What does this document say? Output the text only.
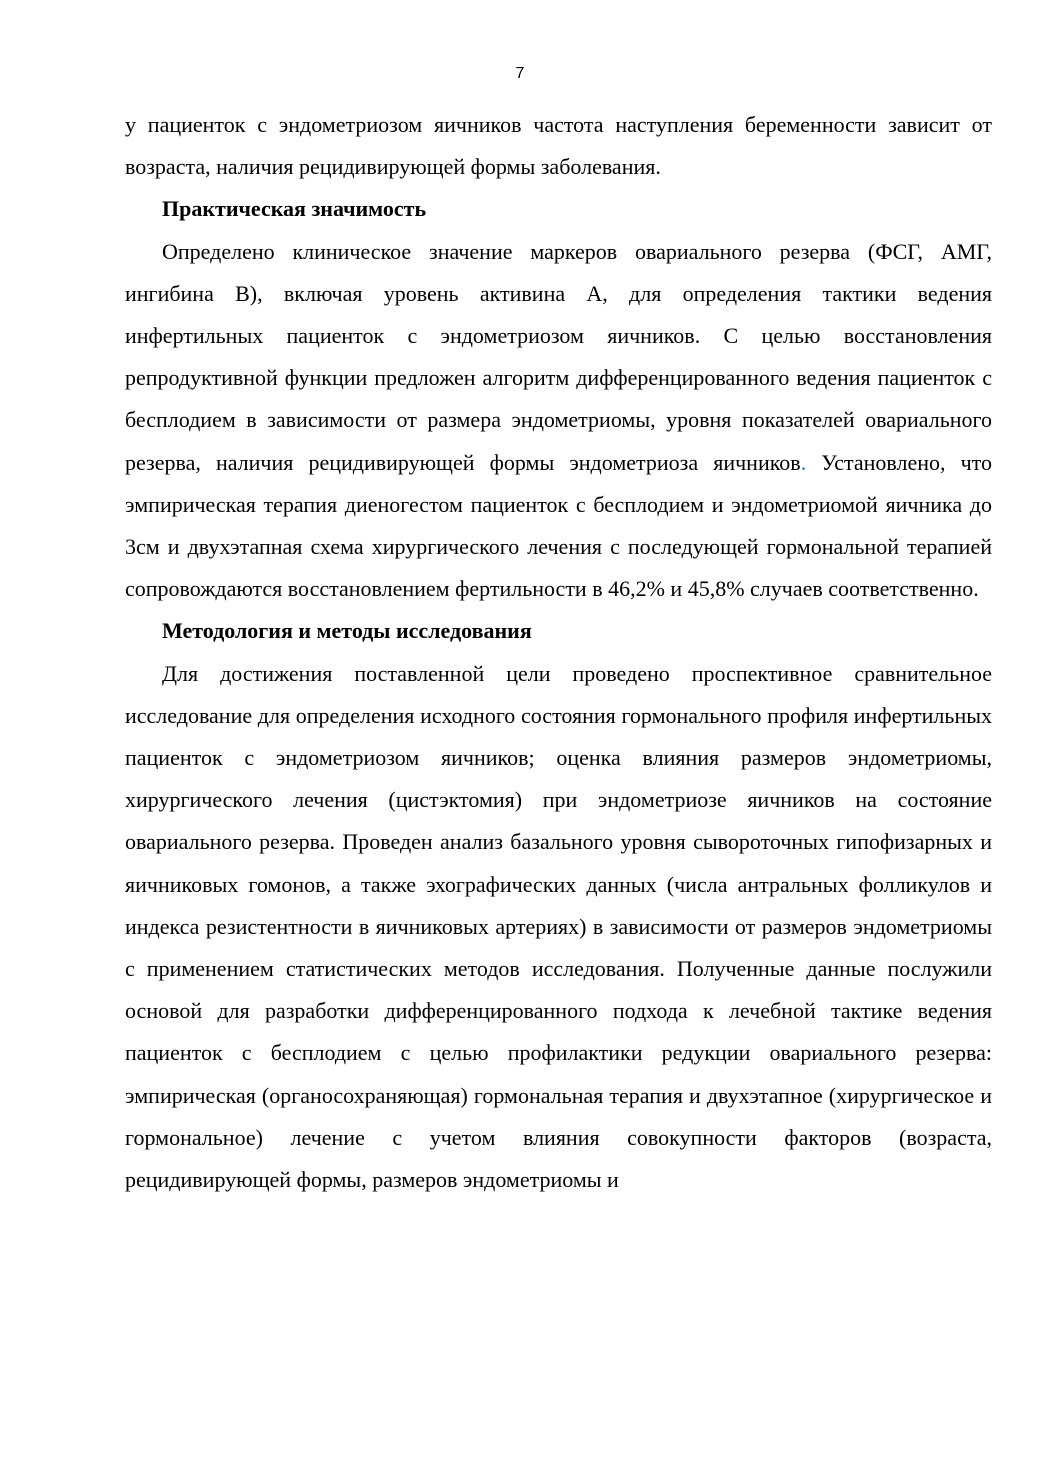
7

у пациенток с эндометриозом яичников частота наступления беременности зависит от возраста, наличия рецидивирующей формы заболевания.

Практическая значимость

Определено клиническое значение маркеров овариального резерва (ФСГ, АМГ, ингибина В), включая уровень активина А, для определения тактики ведения инфертильных пациенток с эндометриозом яичников. С целью восстановления репродуктивной функции предложен алгоритм дифференцированного ведения пациенток с бесплодием в зависимости от размера эндометриомы, уровня показателей овариального резерва, наличия рецидивирующей формы эндометриоза яичников. Установлено, что эмпирическая терапия диеногестом пациенток с бесплодием и эндометриомой яичника до 3см и двухэтапная схема хирургического лечения с последующей гормональной терапией сопровождаются восстановлением фертильности в 46,2% и 45,8% случаев соответственно.

Методология и методы исследования

Для достижения поставленной цели проведено проспективное сравнительное исследование для определения исходного состояния гормонального профиля инфертильных пациенток с эндометриозом яичников; оценка влияния размеров эндометриомы, хирургического лечения (цистэктомия) при эндометриозе яичников на состояние овариального резерва. Проведен анализ базального уровня сывороточных гипофизарных и яичниковых гомонов, а также эхографических данных (числа антральных фолликулов и индекса резистентности в яичниковых артериях) в зависимости от размеров эндометриомы с применением статистических методов исследования. Полученные данные послужили основой для разработки дифференцированного подхода к лечебной тактике ведения пациенток с бесплодием с целью профилактики редукции овариального резерва: эмпирическая (органосохраняющая) гормональная терапия и двухэтапное (хирургическое и гормональное) лечение с учетом влияния совокупности факторов (возраста, рецидивирующей формы, размеров эндометриомы и
